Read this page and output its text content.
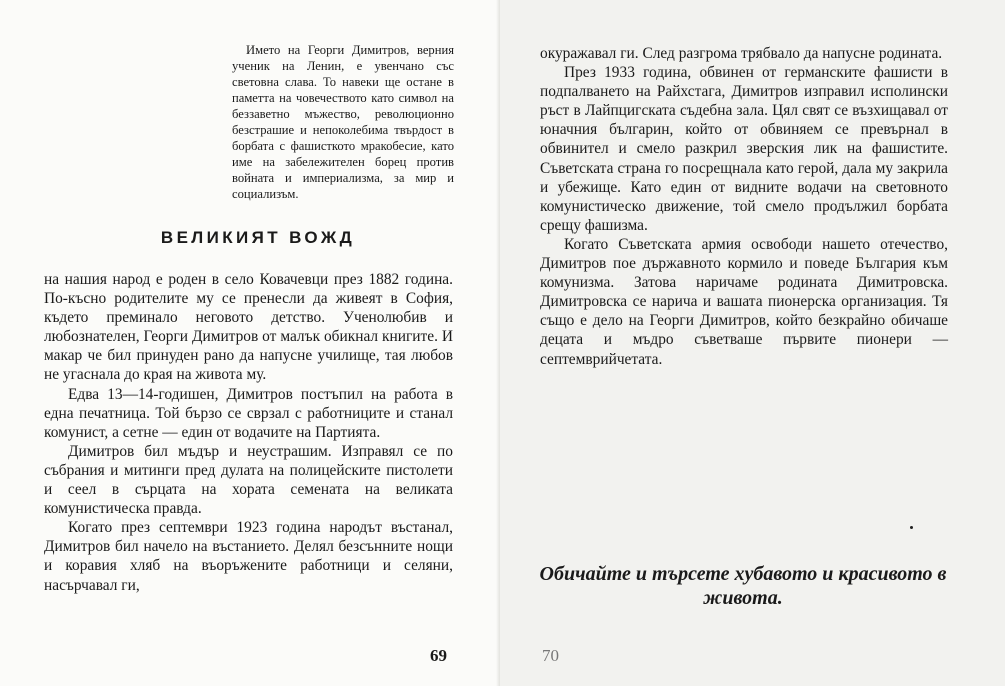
Името на Георги Димитров, верния ученик на Ленин, е увенчано със световна слава. То навеки ще остане в паметта на човечеството като символ на беззаветно мъжество, революционно безстрашие и непоколебима твърдост в борбата с фашисткото мракобесие, като име на забележителен борец против войната и империализма, за мир и социализъм.

ВЕЛИКИЯТ ВОЖД

на нашия народ е роден в село Ковачевци през 1882 година. По-късно родителите му се пренесли да живеят в София, където преминало неговото детство. Ученолюбив и любознателен, Георги Димитров от малък обикнал книгите. И макар че бил принуден рано да напусне училище, тая любов не угаснала до края на живота му.

Едва 13—14-годишен, Димитров постъпил на работа в една печатница. Той бързо се сврзал с работниците и станал комунист, а сетне — един от водачите на Партията.

Димитров бил мъдър и неустрашим. Изправял се по събрания и митинги пред дулата на полицейските пистолети и сеел в сърцата на хората семената на великата комунистическа правда.

Когато през септември 1923 година народът въстанал, Димитров бил начело на въстанието. Делял безсънните нощи и коравия хляб на въоръжените работници и селяни, насърчавал ги,

69

окуражавал ги. След разгрома трябвало да напусне родината.

През 1933 година, обвинен от германските фашисти в подпалването на Райхстага, Димитров изправил исполински ръст в Лайпцигската съдебна зала. Цял свят се възхищавал от юначния българин, който от обвиняем се превърнал в обвинител и смело разкрил зверския лик на фашистите. Съветската страна го посрещнала като герой, дала му закрила и убежище. Като един от видните водачи на световното комунистическо движение, той смело продължил борбата срещу фашизма.

Когато Съветската армия освободи нашето отечество, Димитров пое държавното кормило и поведе България към комунизма. Затова наричаме родината Димитровска. Димитровска се нарича и вашата пионерска организация. Тя също е дело на Георги Димитров, който безкрайно обичаше децата и мъдро съветваше първите пионери — септемврийчетата.

Обичайте и търсете хубавото и красивото в живота.

70
